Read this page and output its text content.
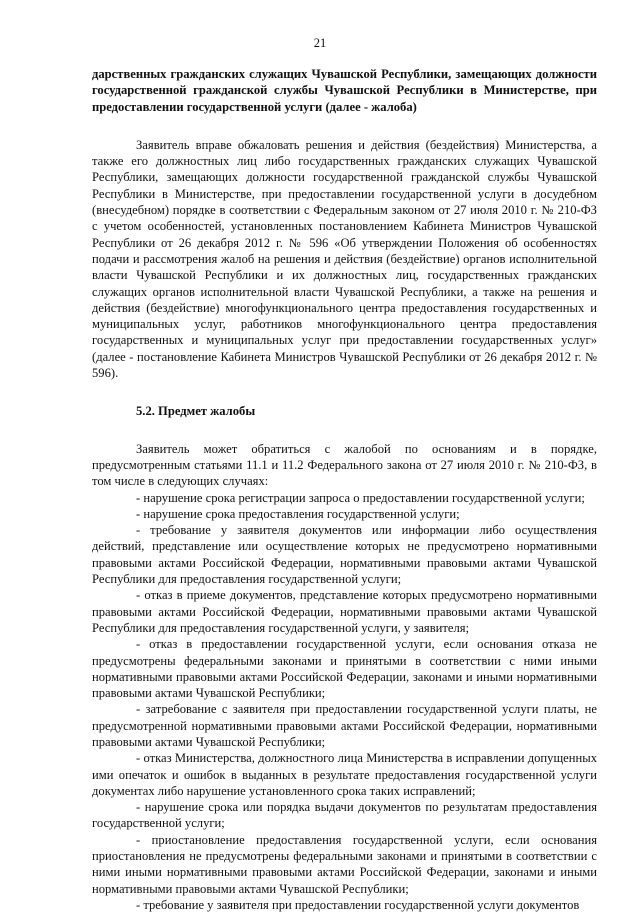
21

дарственных гражданских служащих Чувашской Республики, замещающих должности государственной гражданской службы Чувашской Республики в Министерстве, при предоставлении государственной услуги (далее - жалоба)

Заявитель вправе обжаловать решения и действия (бездействия) Министерства, а также его должностных лиц либо государственных гражданских служащих Чувашской Республики, замещающих должности государственной гражданской службы Чувашской Республики в Министерстве, при предоставлении государственной услуги в досудебном (внесудебном) порядке в соответствии с Федеральным законом от 27 июля 2010 г. № 210-ФЗ с учетом особенностей, установленных постановлением Кабинета Министров Чувашской Республики от 26 декабря 2012 г. № 596 «Об утверждении Положения об особенностях подачи и рассмотрения жалоб на решения и действия (бездействие) органов исполнительной власти Чувашской Республики и их должностных лиц, государственных гражданских служащих органов исполнительной власти Чувашской Республики, а также на решения и действия (бездействие) многофункционального центра предоставления государственных и муниципальных услуг, работников многофункционального центра предоставления государственных и муниципальных услуг при предоставлении государственных услуг» (далее - постановление Кабинета Министров Чувашской Республики от 26 декабря 2012 г. № 596).

5.2. Предмет жалобы

Заявитель может обратиться с жалобой по основаниям и в порядке, предусмотренным статьями 11.1 и 11.2 Федерального закона от 27 июля 2010 г. № 210-ФЗ, в том числе в следующих случаях:

- нарушение срока регистрации запроса о предоставлении государственной услуги;

- нарушение срока предоставления государственной услуги;

- требование у заявителя документов или информации либо осуществления действий, представление или осуществление которых не предусмотрено нормативными правовыми актами Российской Федерации, нормативными правовыми актами Чувашской Республики для предоставления государственной услуги;

- отказ в приеме документов, представление которых предусмотрено нормативными правовыми актами Российской Федерации, нормативными правовыми актами Чувашской Республики для предоставления государственной услуги, у заявителя;

- отказ в предоставлении государственной услуги, если основания отказа не предусмотрены федеральными законами и принятыми в соответствии с ними иными нормативными правовыми актами Российской Федерации, законами и иными нормативными правовыми актами Чувашской Республики;

- затребование с заявителя при предоставлении государственной услуги платы, не предусмотренной нормативными правовыми актами Российской Федерации, нормативными правовыми актами Чувашской Республики;

- отказ Министерства, должностного лица Министерства в исправлении допущенных ими опечаток и ошибок в выданных в результате предоставления государственной услуги документах либо нарушение установленного срока таких исправлений;

- нарушение срока или порядка выдачи документов по результатам предоставления государственной услуги;

- приостановление предоставления государственной услуги, если основания приостановления не предусмотрены федеральными законами и принятыми в соответствии с ними иными нормативными правовыми актами Российской Федерации, законами и иными нормативными правовыми актами Чувашской Республики;

- требование у заявителя при предоставлении государственной услуги документов
